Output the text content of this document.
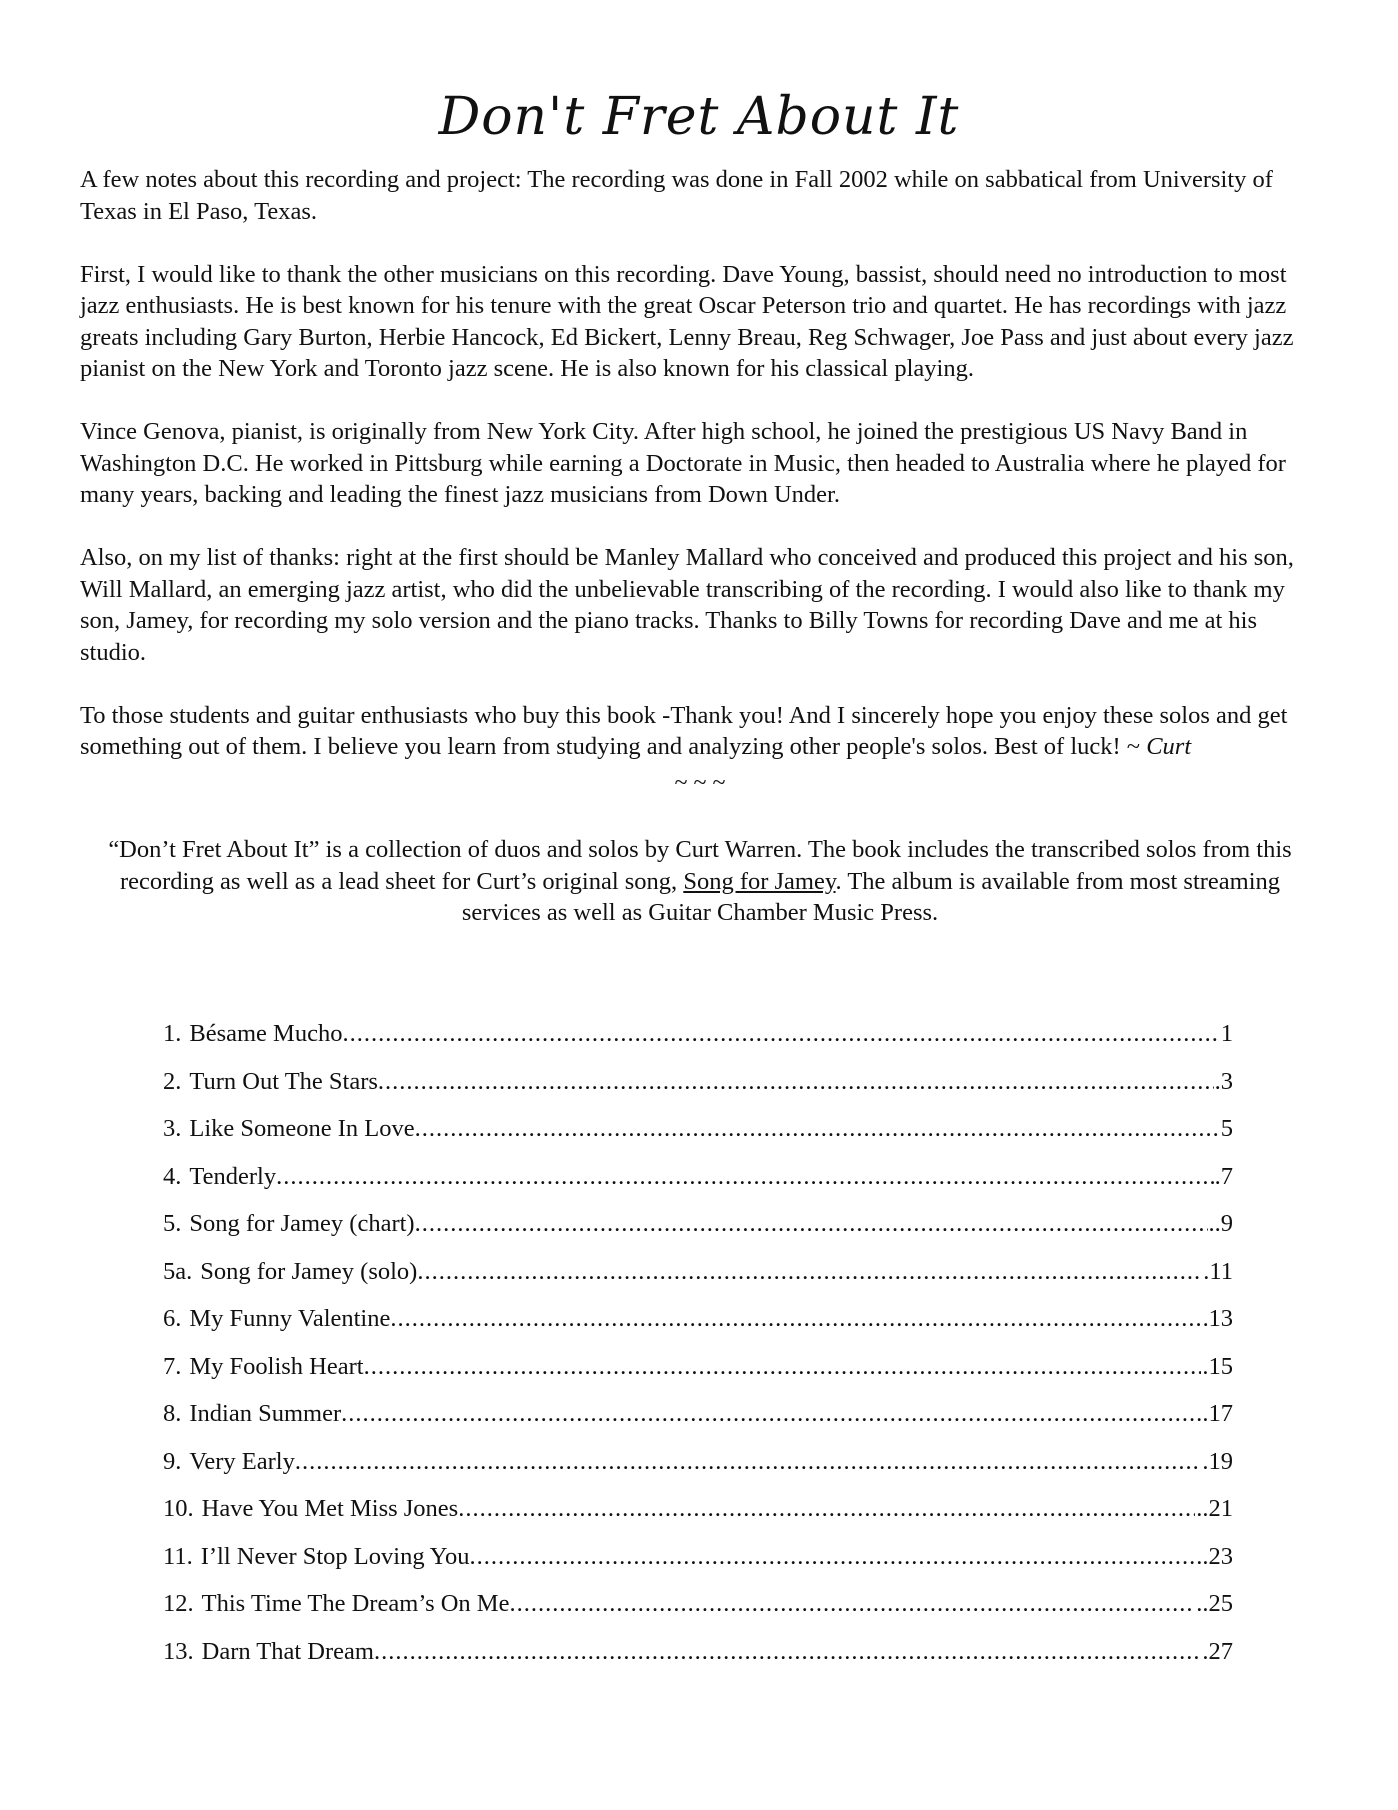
Don't Fret About It

A few notes about this recording and project: The recording was done in Fall 2002 while on sabbatical from University of Texas in El Paso, Texas.

First, I would like to thank the other musicians on this recording. Dave Young, bassist, should need no introduction to most jazz enthusiasts. He is best known for his tenure with the great Oscar Peterson trio and quartet. He has recordings with jazz greats including Gary Burton, Herbie Hancock, Ed Bickert, Lenny Breau, Reg Schwager, Joe Pass and just about every jazz pianist on the New York and Toronto jazz scene. He is also known for his classical playing.

Vince Genova, pianist, is originally from New York City. After high school, he joined the prestigious US Navy Band in Washington D.C. He worked in Pittsburg while earning a Doctorate in Music, then headed to Australia where he played for many years, backing and leading the finest jazz musicians from Down Under.

Also, on my list of thanks: right at the first should be Manley Mallard who conceived and produced this project and his son, Will Mallard, an emerging jazz artist, who did the unbelievable transcribing of the recording. I would also like to thank my son, Jamey, for recording my solo version and the piano tracks. Thanks to Billy Towns for recording Dave and me at his studio.

To those students and guitar enthusiasts who buy this book -Thank you! And I sincerely hope you enjoy these solos and get something out of them. I believe you learn from studying and analyzing other people's solos. Best of luck! ~ Curt

~ ~ ~

“Don’t Fret About It” is a collection of duos and solos by Curt Warren. The book includes the transcribed solos from this recording as well as a lead sheet for Curt’s original song, Song for Jamey. The album is available from most streaming services as well as Guitar Chamber Music Press.

1. Bésame Mucho .....	1
2. Turn Out The Stars .....	.3
3. Like Someone In Love .....	5
4. Tenderly .....	.7
5. Song for Jamey (chart) .....	..9
5a. Song for Jamey (solo) .....	.11
6. My Funny Valentine .....	13
7. My Foolish Heart .....	.15
8. Indian Summer .....	.17
9. Very Early .....	.19
10. Have You Met Miss Jones .....	..21
11. I’ll Never Stop Loving You .....	.23
12. This Time The Dream’s On Me .....	..25
13. Darn That Dream .....	.27
